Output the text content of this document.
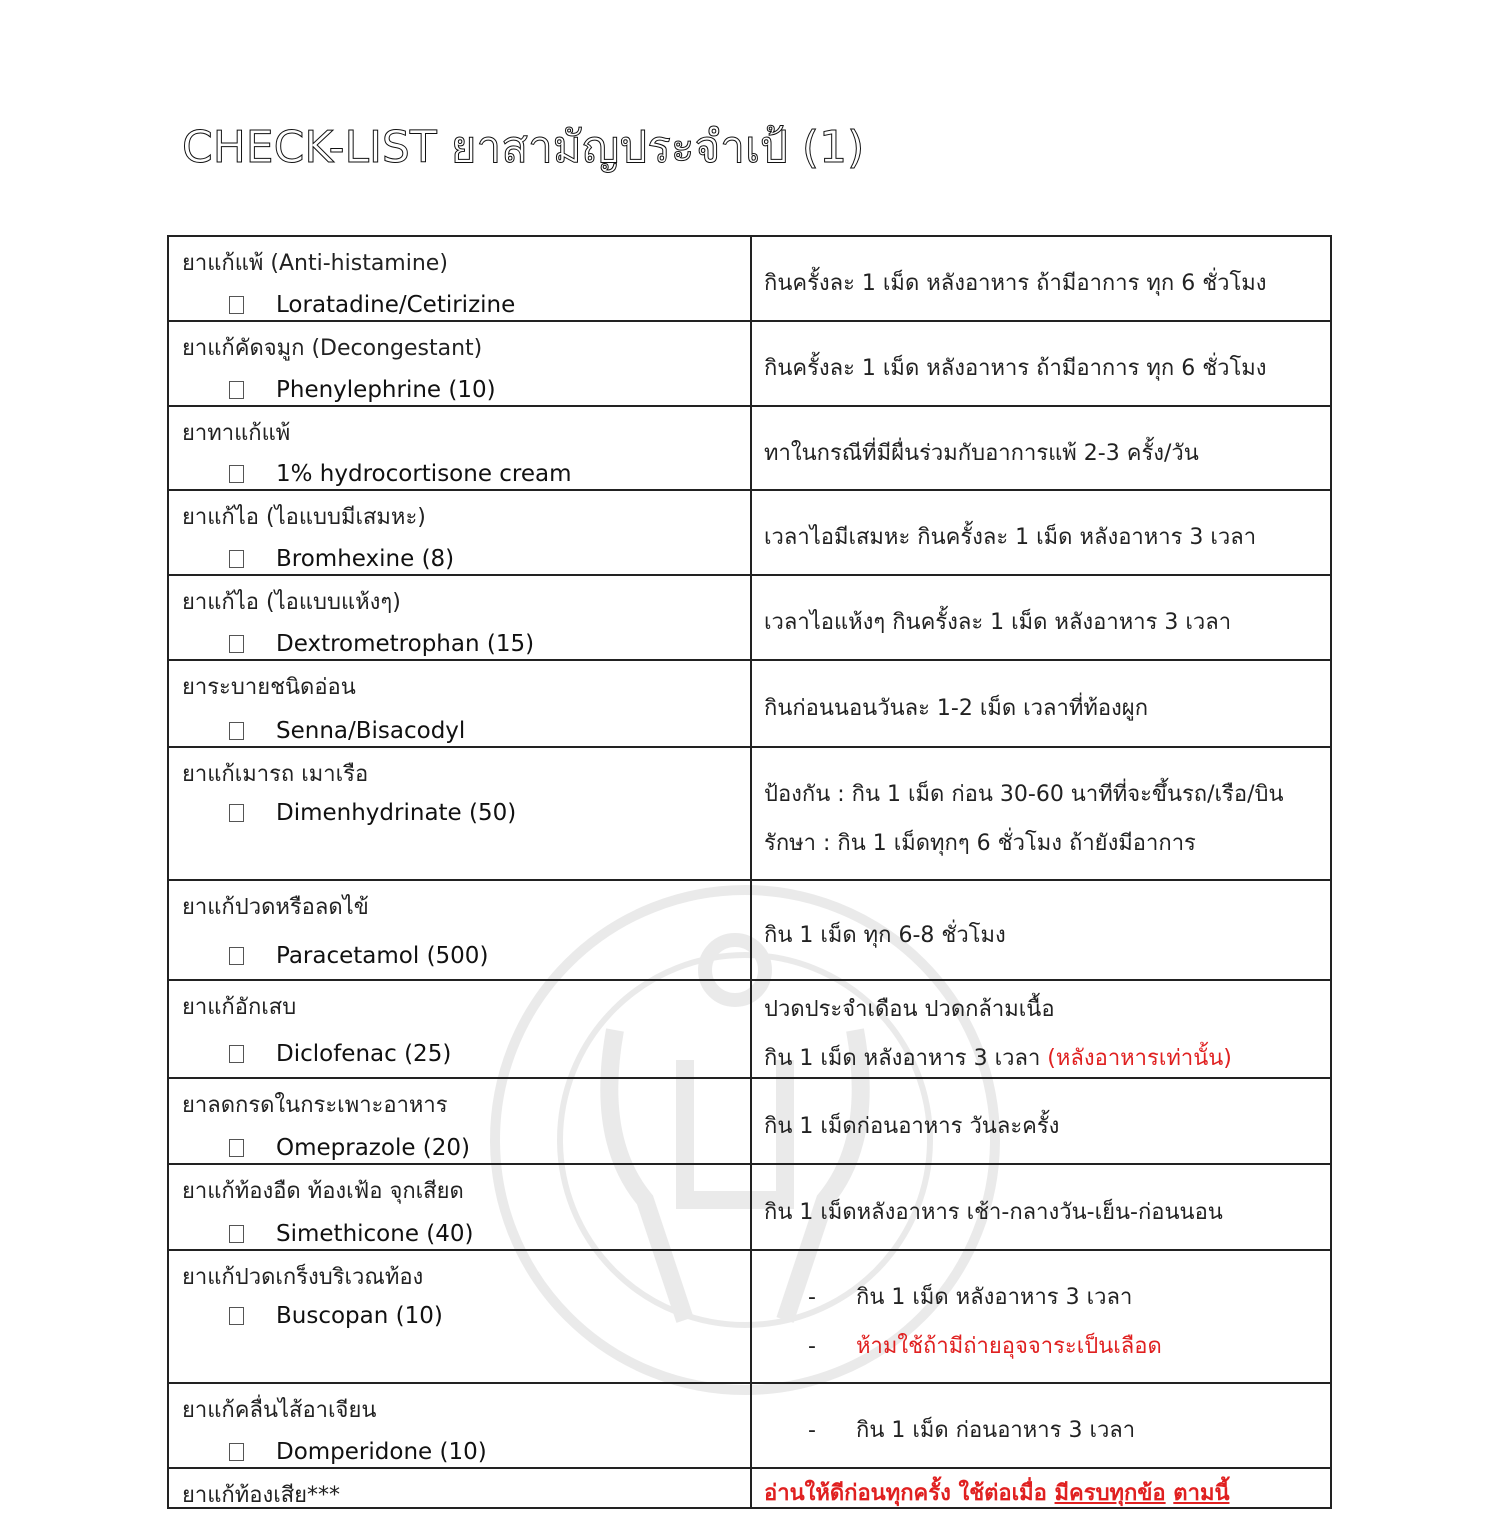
CHECK-LIST ยาสามัญประจำเป้ (1)
ยาแก้แพ้ (Anti-histamine)
Loratadine/Cetirizine
กินครั้งละ 1 เม็ด หลังอาหาร ถ้ามีอาการ ทุก 6 ชั่วโมง
ยาแก้คัดจมูก (Decongestant)
Phenylephrine (10)
กินครั้งละ 1 เม็ด หลังอาหาร ถ้ามีอาการ ทุก 6 ชั่วโมง
ยาทาแก้แพ้
1% hydrocortisone cream
ทาในกรณีที่มีผื่นร่วมกับอาการแพ้ 2-3 ครั้ง/วัน
ยาแก้ไอ (ไอแบบมีเสมหะ)
Bromhexine (8)
เวลาไอมีเสมหะ กินครั้งละ 1 เม็ด หลังอาหาร 3 เวลา
ยาแก้ไอ (ไอแบบแห้งๆ)
Dextrometrophan (15)
เวลาไอแห้งๆ กินครั้งละ 1 เม็ด หลังอาหาร 3 เวลา
ยาระบายชนิดอ่อน
Senna/Bisacodyl
กินก่อนนอนวันละ 1-2 เม็ด เวลาที่ท้องผูก
ยาแก้เมารถ เมาเรือ
Dimenhydrinate (50)
ป้องกัน : กิน 1 เม็ด ก่อน 30-60 นาทีที่จะขึ้นรถ/เรือ/บิน
รักษา : กิน 1 เม็ดทุกๆ 6 ชั่วโมง ถ้ายังมีอาการ
ยาแก้ปวดหรือลดไข้
Paracetamol (500)
กิน 1 เม็ด ทุก 6-8 ชั่วโมง
ยาแก้อักเสบ
Diclofenac (25)
ปวดประจำเดือน ปวดกล้ามเนื้อ
กิน 1 เม็ด หลังอาหาร 3 เวลา (หลังอาหารเท่านั้น)
ยาลดกรดในกระเพาะอาหาร
Omeprazole (20)
กิน 1 เม็ดก่อนอาหาร วันละครั้ง
ยาแก้ท้องอืด ท้องเฟ้อ จุกเสียด
Simethicone (40)
กิน 1 เม็ดหลังอาหาร เช้า-กลางวัน-เย็น-ก่อนนอน
ยาแก้ปวดเกร็งบริเวณท้อง
Buscopan (10)
- กิน 1 เม็ด หลังอาหาร 3 เวลา
- ห้ามใช้ถ้ามีถ่ายอุจจาระเป็นเลือด
ยาแก้คลื่นไส้อาเจียน
Domperidone (10)
- กิน 1 เม็ด ก่อนอาหาร 3 เวลา
ยาแก้ท้องเสีย***	อ่านให้ดีก่อนทุกครั้ง ใช้ต่อเมื่อ มีครบทุกข้อ ตามนี้
